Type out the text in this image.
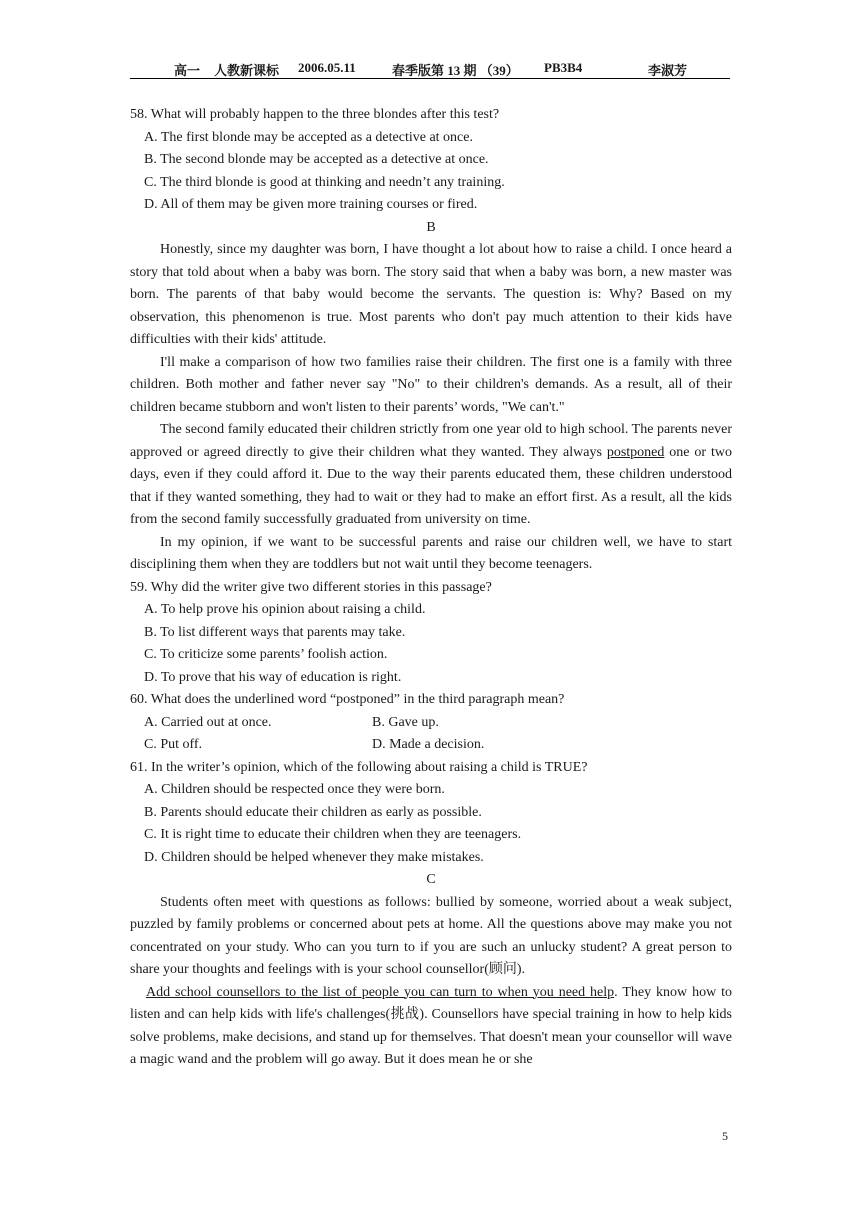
高一 人教新课标 2006.05.11	春季版第 13 期 （39） PB3B4	李淑芳

58. What will probably happen to the three blondes after this test?

A. The first blonde may be accepted as a detective at once.

B. The second blonde may be accepted as a detective at once.

C. The third blonde is good at thinking and needn’t any training.

D. All of them may be given more training courses or fired.

B

Honestly, since my daughter was born, I have thought a lot about how to raise a child. I once heard a story that told about when a baby was born. The story said that when a baby was born, a new master was born. The parents of that baby would become the servants. The question is: Why? Based on my observation, this phenomenon is true. Most parents who don't pay much attention to their kids have difficulties with their kids' attitude.

I'll make a comparison of how two families raise their children. The first one is a family with three children. Both mother and father never say "No" to their children's demands. As a result, all of their children became stubborn and won't listen to their parents’ words, "We can't."

The second family educated their children strictly from one year old to high school. The parents never approved or agreed directly to give their children what they wanted. They always postponed one or two days, even if they could afford it. Due to the way their parents educated them, these children understood that if they wanted something, they had to wait or they had to make an effort first. As a result, all the kids from the second family successfully graduated from university on time.

In my opinion, if we want to be successful parents and raise our children well, we have to start disciplining them when they are toddlers but not wait until they become teenagers.

59. Why did the writer give two different stories in this passage?

A. To help prove his opinion about raising a child.

B. To list different ways that parents may take.

C. To criticize some parents’ foolish action.

D. To prove that his way of education is right.

60. What does the underlined word “postponed” in the third paragraph mean?

A. Carried out at once.	B. Gave up.
C. Put off.	D. Made a decision.

61. In the writer’s opinion, which of the following about raising a child is TRUE?

A. Children should be respected once they were born.

B. Parents should educate their children as early as possible.

C. It is right time to educate their children when they are teenagers.

D. Children should be helped whenever they make mistakes.

C

Students often meet with questions as follows: bullied by someone, worried about a weak subject, puzzled by family problems or concerned about pets at home. All the questions above may make you not concentrated on your study. Who can you turn to if you are such an unlucky student? A great person to share your thoughts and feelings with is your school counsellor(顾问).

Add school counsellors to the list of people you can turn to when you need help. They know how to listen and can help kids with life's challenges(挑战). Counsellors have special training in how to help kids solve problems, make decisions, and stand up for themselves. That doesn't mean your counsellor will wave a magic wand and the problem will go away. But it does mean he or she

5
